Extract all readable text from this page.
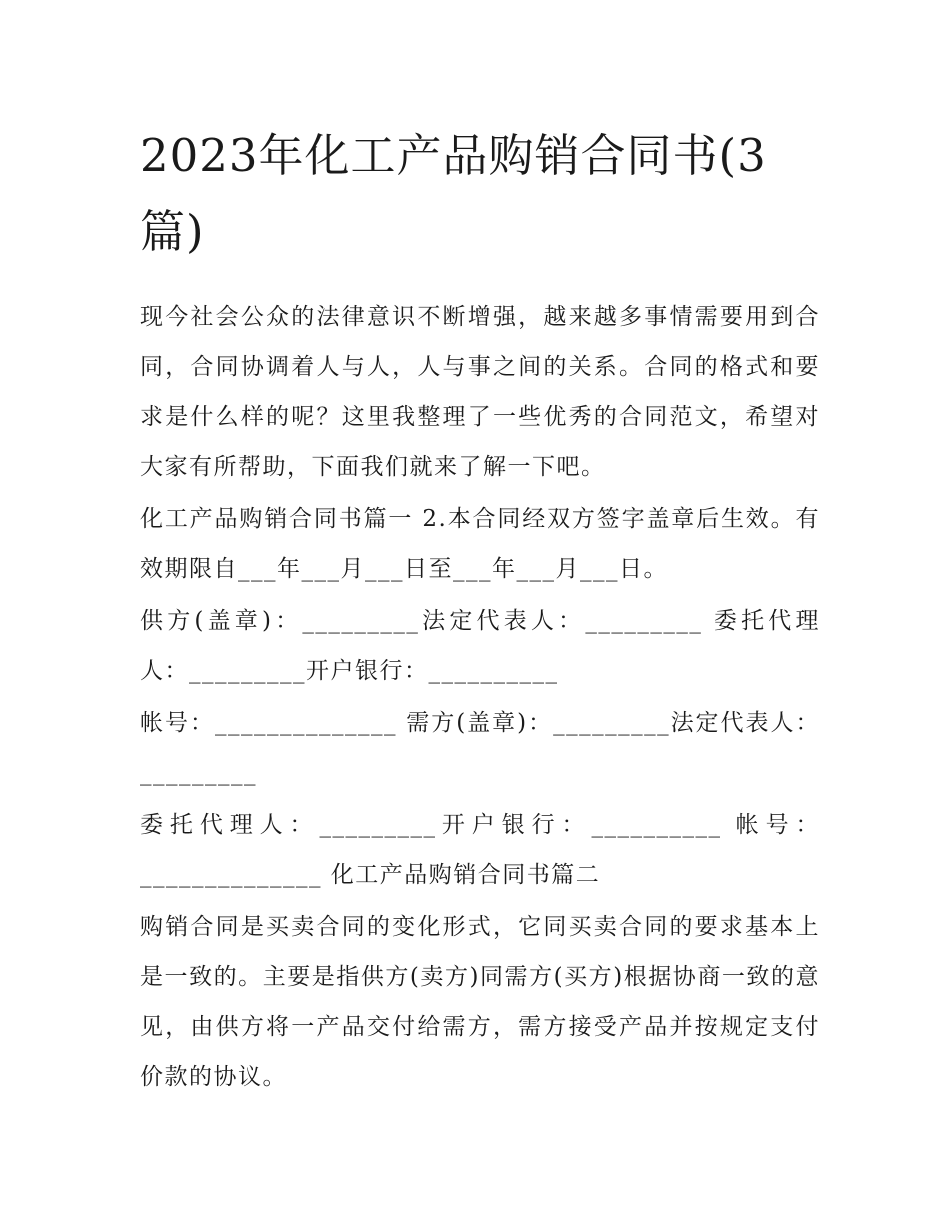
2023年化工产品购销合同书(3篇)

现今社会公众的法律意识不断增强，越来越多事情需要用到合同，合同协调着人与人，人与事之间的关系。合同的格式和要求是什么样的呢？这里我整理了一些优秀的合同范文，希望对大家有所帮助，下面我们就来了解一下吧。

化工产品购销合同书篇一 2.本合同经双方签字盖章后生效。有效期限自___年___月___日至___年___月___日。

供方(盖章)：_________法定代表人：_________ 委托代理人：_________开户银行：__________

帐号：______________ 需方(盖章)：_________法定代表人：_________

委托代理人：_________开户银行：__________ 帐号：______________ 化工产品购销合同书篇二

购销合同是买卖合同的变化形式，它同买卖合同的要求基本上是一致的。主要是指供方(卖方)同需方(买方)根据协商一致的意见，由供方将一产品交付给需方，需方接受产品并按规定支付价款的协议。
